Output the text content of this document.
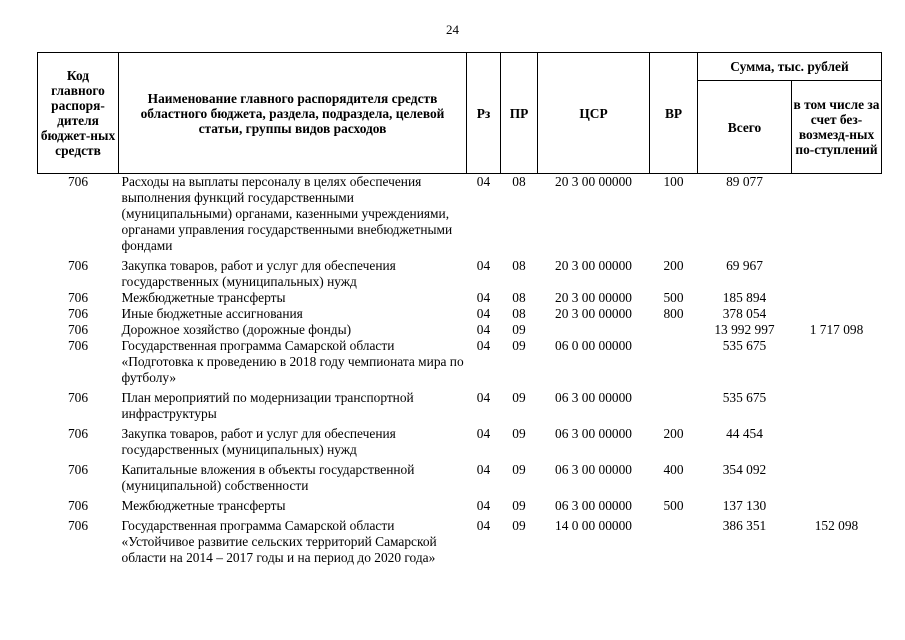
24
Код главного распоря-дителя бюджет-ных средств	Наименование главного распорядителя средств областного бюджета, раздела, подраздела, целевой статьи, группы видов расходов	Рз	ПР	ЦСР	ВР	Сумма, тыс. рублей	
						Всего	в том числе за счет без-возмезд-ных по-ступлений
706	Расходы на выплаты персоналу в целях обеспечения выполнения функций государственными (муниципальными) органами, казенными учреждениями, органами управления государственными внебюджетными фондами	04	08	20 3 00 00000	100	89 077	
706	Закупка товаров, работ и услуг для обеспечения государственных (муниципальных) нужд	04	08	20 3 00 00000	200	69 967	
706	Межбюджетные трансферты	04	08	20 3 00 00000	500	185 894	
706	Иные бюджетные ассигнования	04	08	20 3 00 00000	800	378 054	
706	Дорожное хозяйство (дорожные фонды)	04	09			13 992 997	1 717 098
706	Государственная программа Самарской области «Подготовка к проведению в 2018 году чемпионата мира по футболу»	04	09	06 0 00 00000		535 675	
706	План мероприятий по модернизации транспортной инфраструктуры	04	09	06 3 00 00000		535 675	
706	Закупка товаров, работ и услуг для обеспечения государственных (муниципальных) нужд	04	09	06 3 00 00000	200	44 454	
706	Капитальные вложения в объекты государственной (муниципальной) собственности	04	09	06 3 00 00000	400	354 092	
706	Межбюджетные трансферты	04	09	06 3 00 00000	500	137 130	
706	Государственная программа Самарской области «Устойчивое развитие сельских территорий Самарской области на 2014 – 2017 годы и на период до 2020 года»	04	09	14 0 00 00000		386 351	152 098
